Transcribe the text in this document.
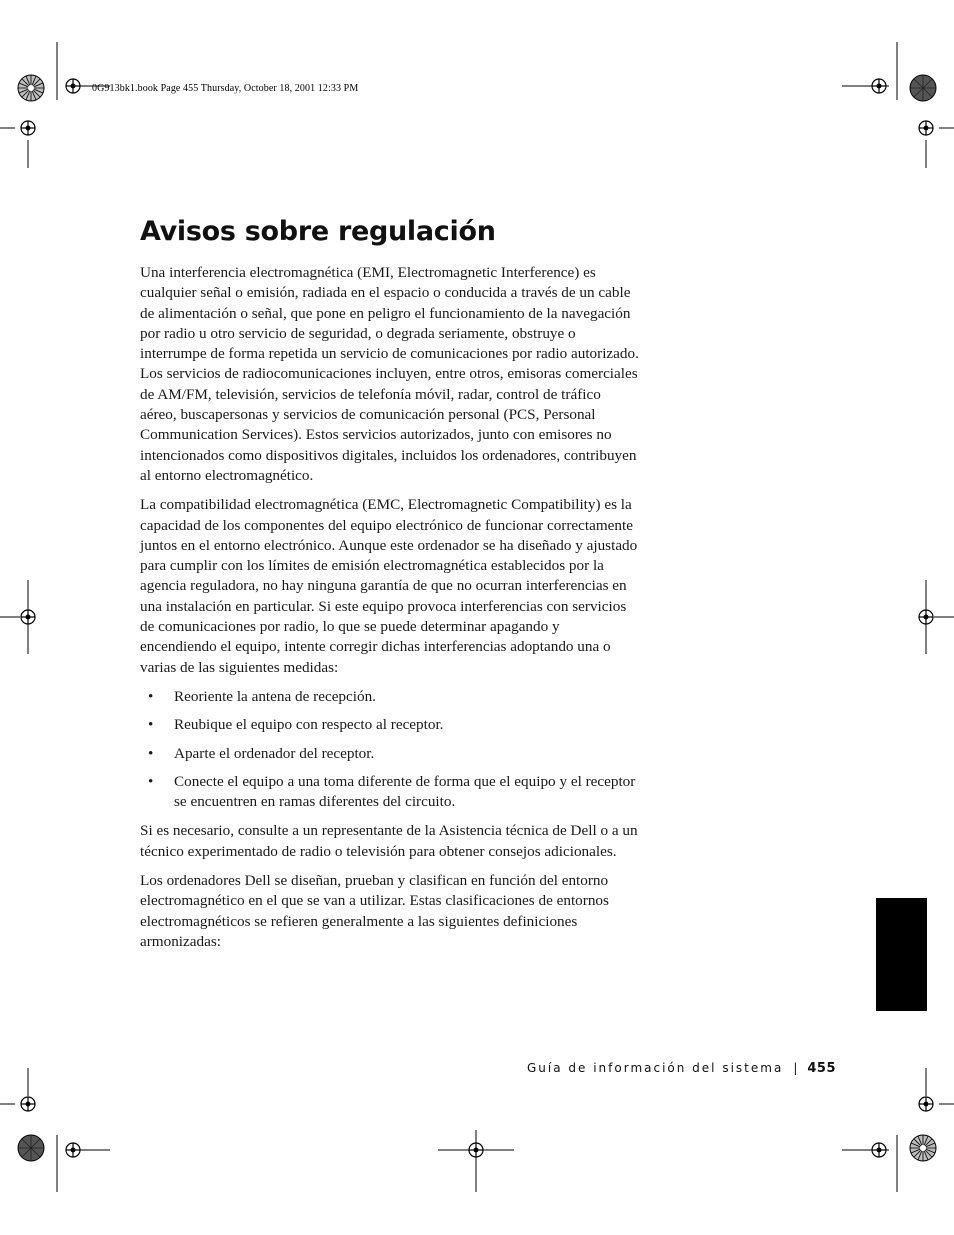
0G913bk1.book Page 455 Thursday, October 18, 2001 12:33 PM
Avisos sobre regulación

Una interferencia electromagnética (EMI, Electromagnetic Interference) es cualquier señal o emisión, radiada en el espacio o conducida a través de un cable de alimentación o señal, que pone en peligro el funcionamiento de la navegación por radio u otro servicio de seguridad, o degrada seriamente, obstruye o interrumpe de forma repetida un servicio de comunicaciones por radio autorizado. Los servicios de radiocomunicaciones incluyen, entre otros, emisoras comerciales de AM/FM, televisión, servicios de telefonía móvil, radar, control de tráfico aéreo, buscapersonas y servicios de comunicación personal (PCS, Personal Communication Services). Estos servicios autorizados, junto con emisores no intencionados como dispositivos digitales, incluidos los ordenadores, contribuyen al entorno electromagnético.

La compatibilidad electromagnética (EMC, Electromagnetic Compatibility) es la capacidad de los componentes del equipo electrónico de funcionar correctamente juntos en el entorno electrónico. Aunque este ordenador se ha diseñado y ajustado para cumplir con los límites de emisión electromagnética establecidos por la agencia reguladora, no hay ninguna garantía de que no ocurran interferencias en una instalación en particular. Si este equipo provoca interferencias con servicios de comunicaciones por radio, lo que se puede determinar apagando y encendiendo el equipo, intente corregir dichas interferencias adoptando una o varias de las siguientes medidas:

• Reoriente la antena de recepción.
• Reubique el equipo con respecto al receptor.
• Aparte el ordenador del receptor.
• Conecte el equipo a una toma diferente de forma que el equipo y el receptor se encuentren en ramas diferentes del circuito.

Si es necesario, consulte a un representante de la Asistencia técnica de Dell o a un técnico experimentado de radio o televisión para obtener consejos adicionales.

Los ordenadores Dell se diseñan, prueban y clasifican en función del entorno electromagnético en el que se van a utilizar. Estas clasificaciones de entornos electromagnéticos se refieren generalmente a las siguientes definiciones armonizadas:

Guía de información del sistema | 455
